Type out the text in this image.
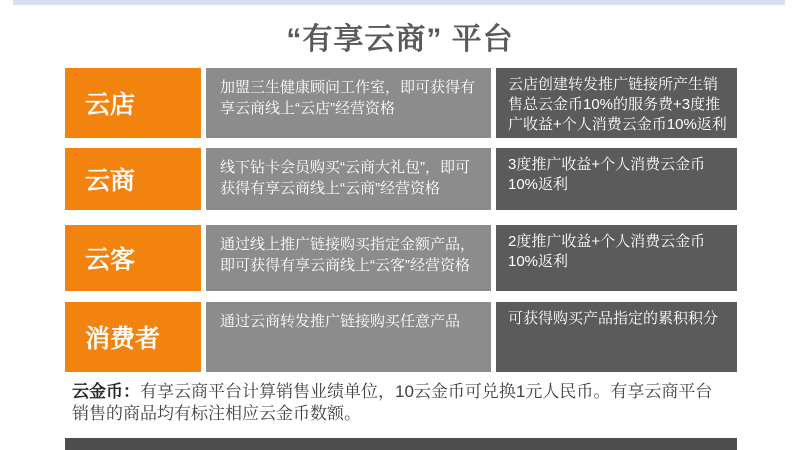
“有享云商” 平台
云店
加盟三生健康顾问工作室，即可获得有享云商线上“云店”经营资格
云店创建转发推广链接所产生销售总云金币10%的服务费+3度推广收益+个人消费云金币10%返利
云商	线下钻卡会员购买“云商大礼包”，即可获得有享云商线上“云商”经营资格
3度推广收益+个人消费云金币10%返利
云客
通过线上推广链接购买指定金额产品，即可获得有享云商线上“云客”经营资格
2度推广收益+个人消费云金币10%返利
消费者
通过云商转发推广链接购买任意产品	可获得购买产品指定的累积积分

云金币：有享云商平台计算销售业绩单位，10云金币可兑换1元人民币。有享云商平台销售的商品均有标注相应云金币数额。
